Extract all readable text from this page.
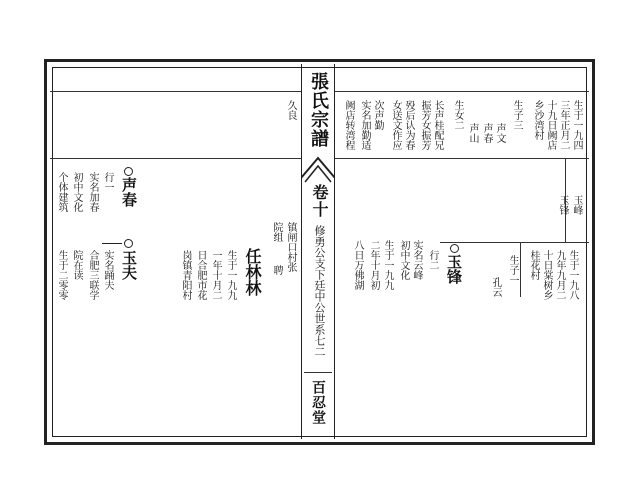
張氏宗譜
卷十
修勇公支下廷中公世系七二
百忍堂
生于一九四
三年正月二
十九日阙店
乡沙湾村
生子三
声文
声春
声山
生女二
长声桂配兄
振芳女振芳
殁后认为春
女送文作应
次声勤
实名加勤适
阙店转湾程
久良
玉峰
玉锋
生于一九八
九年九月二
十日棠树乡
桂花村
生子一
孔云
玉锋
行二
实名云峰
初中文化
生于一九九
二年十月初
八日万佛湖
镇闸口村张
院组
聘
任林林
生于一九九
一年十月二
日合肥市花
岗镇青阳村
声春
行一
实名加春
初中文化
个体建筑
玉夫
实名踊夫
合肥三联学
院在读
生于二零零
